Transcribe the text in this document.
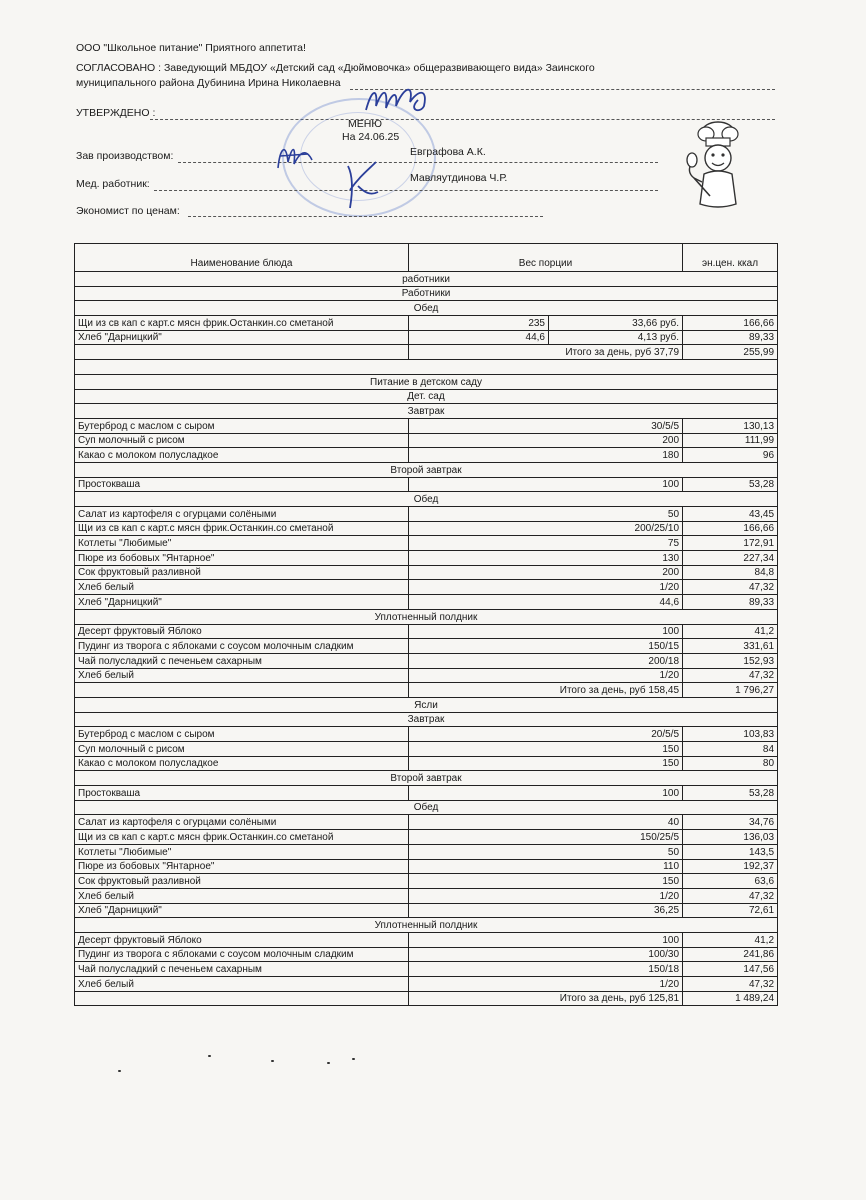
ООО "Школьное питание" Приятного аппетита!
СОГЛАСОВАНО : Заведующий МБДОУ «Детский сад «Дюймовочка» общеразвивающего вида» Заинского
муниципального района Дубинина Ирина Николаевна
УТВЕРЖДЕНО :
МЕНЮ
На 24.06.25
Зав производством:	Евграфова А.К.
Мед. работник:	Мавляутдинова Ч.Р.
Экономист по ценам:
Наименование блюда	Вес порции		эн.цен. ккал
работники			
Работники			
Обед			
Щи из св кап с карт.с мясн фрик.Останкин.со сметаной	235	33,66 руб.	166,66
Хлеб "Дарницкий"	44,6	4,13 руб.	89,33
	Итого за день, руб 37,79		255,99

Питание в детском саду			
Дет. сад			
Завтрак			
Бутерброд с маслом с сыром	30/5/5		130,13
Суп молочный с рисом	200		111,99
Какао с молоком полусладкое	180		96
Второй завтрак			
Простокваша	100		53,28
Обед			
Салат из картофеля с огурцами солёными	50		43,45
Щи из св кап с карт.с мясн фрик.Останкин.со сметаной	200/25/10		166,66
Котлеты "Любимые"	75		172,91
Пюре из бобовых "Янтарное"	130		227,34
Сок фруктовый разливной	200		84,8
Хлеб белый	1/20		47,32
Хлеб "Дарницкий"	44,6		89,33
Уплотненный полдник			
Десерт фруктовый Яблоко	100		41,2
Пудинг из творога с яблоками с соусом молочным сладким	150/15		331,61
Чай полусладкий с печеньем сахарным	200/18		152,93
Хлеб белый	1/20		47,32
	Итого за день, руб 158,45		1 796,27
Ясли			
Завтрак			
Бутерброд с маслом с сыром	20/5/5		103,83
Суп молочный с рисом	150		84
Какао с молоком полусладкое	150		80
Второй завтрак			
Простокваша	100		53,28
Обед			
Салат из картофеля с огурцами солёными	40		34,76
Щи из св кап с карт.с мясн фрик.Останкин.со сметаной	150/25/5		136,03
Котлеты "Любимые"	50		143,5
Пюре из бобовых "Янтарное"	110		192,37
Сок фруктовый разливной	150		63,6
Хлеб белый	1/20		47,32
Хлеб "Дарницкий"	36,25		72,61
Уплотненный полдник			
Десерт фруктовый Яблоко	100		41,2
Пудинг из творога с яблоками с соусом молочным сладким	100/30		241,86
Чай полусладкий с печеньем сахарным	150/18		147,56
Хлеб белый	1/20		47,32
	Итого за день, руб 125,81		1 489,24
